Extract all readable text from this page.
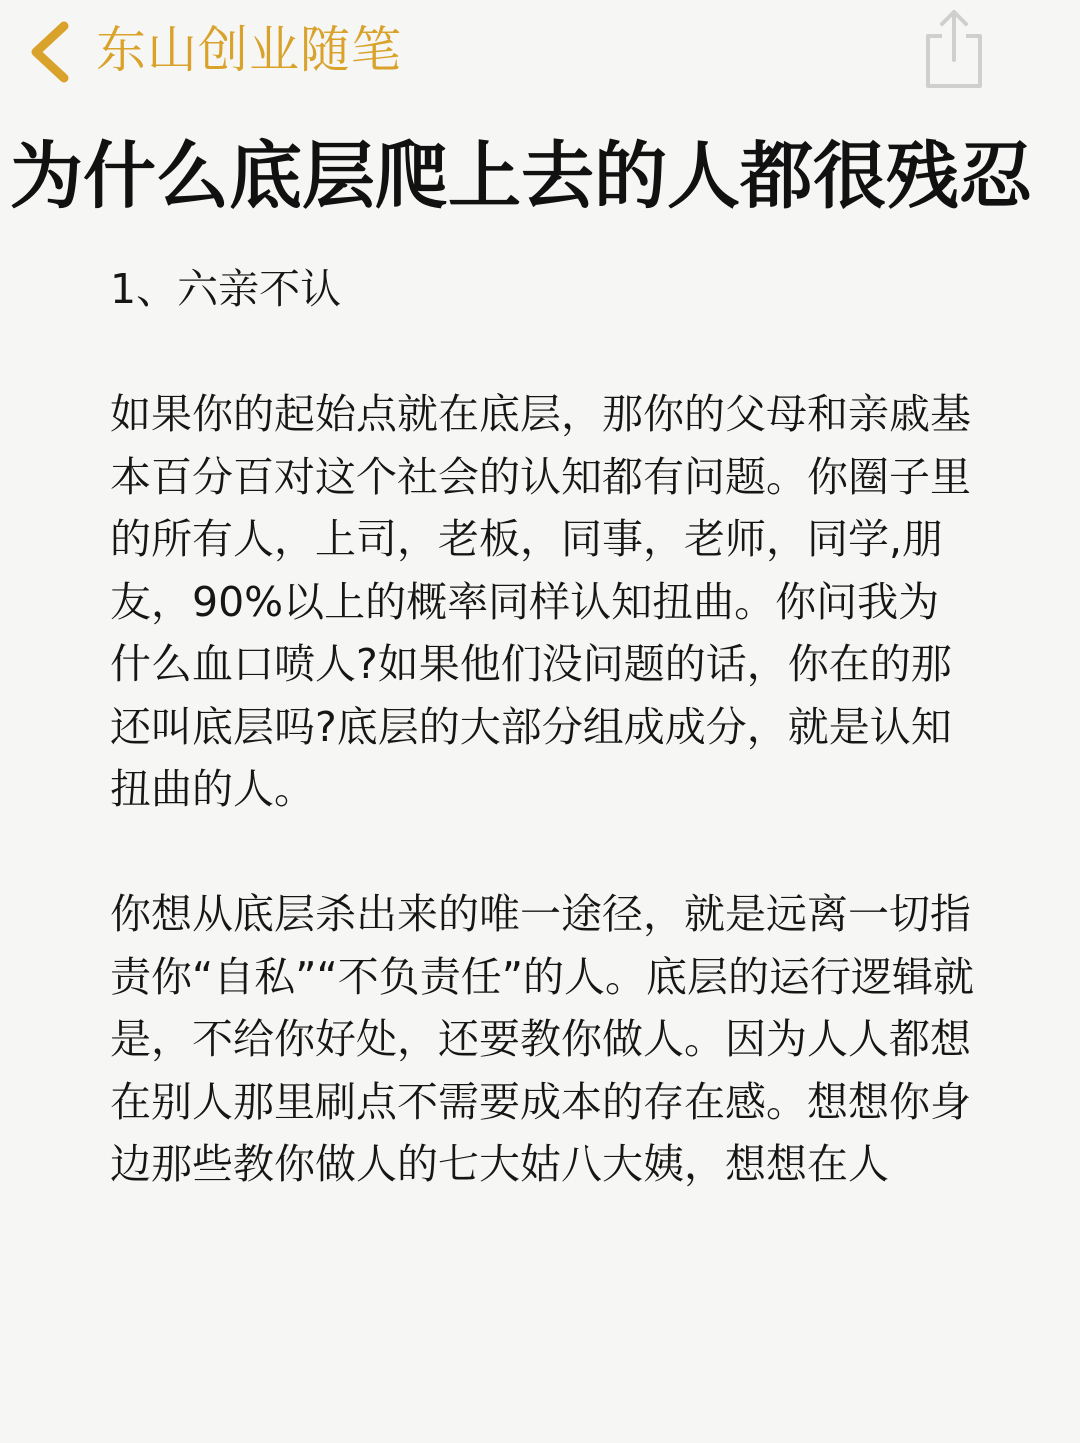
东山创业随笔
为什么底层爬上去的人都很残忍

1、六亲不认

如果你的起始点就在底层，那你的父母和亲戚基本百分百对这个社会的认知都有问题。你圈子里的所有人，上司，老板，同事，老师，同学,朋友，90%以上的概率同样认知扭曲。你问我为什么血口喷人?如果他们没问题的话，你在的那还叫底层吗?底层的大部分组成成分，就是认知扭曲的人。

你想从底层杀出来的唯一途径，就是远离一切指责你“自私”“不负责任”的人。底层的运行逻辑就是，不给你好处，还要教你做人。因为人人都想在别人那里刷点不需要成本的存在感。想想你身边那些教你做人的七大姑八大姨，想想在人
